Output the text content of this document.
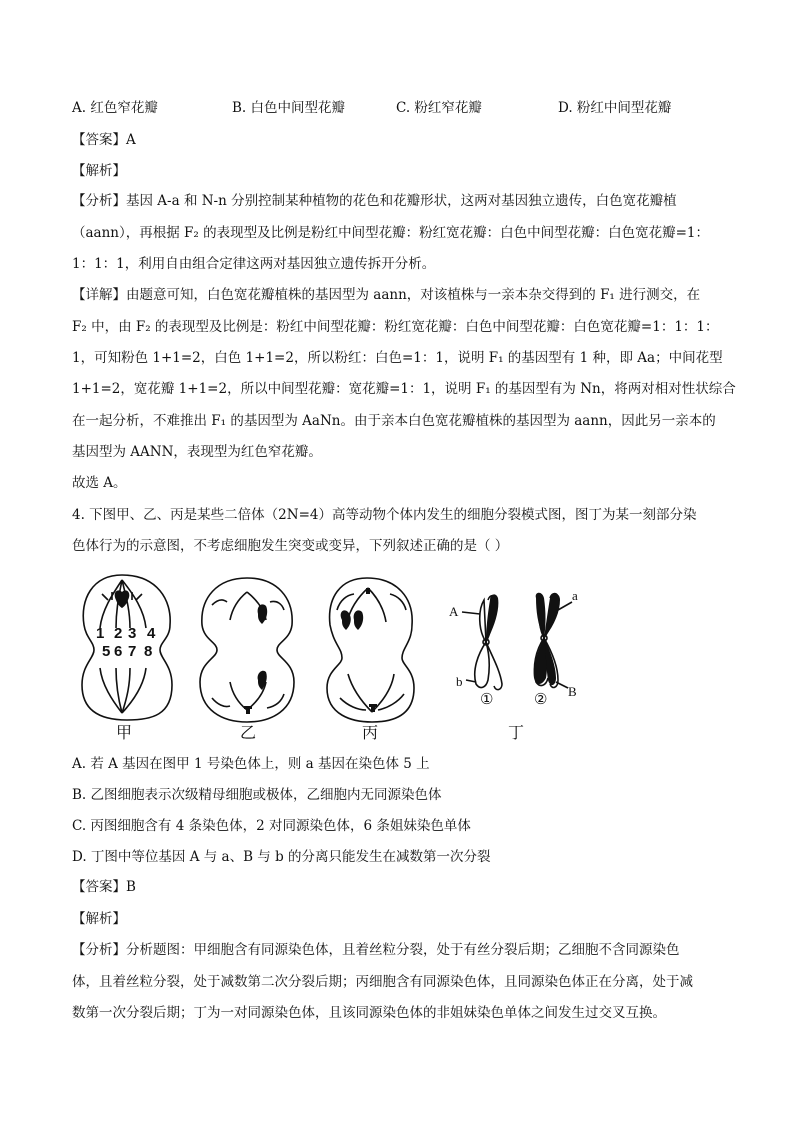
A. 红色窄花瓣	B. 白色中间型花瓣	C. 粉红窄花瓣	D. 粉红中间型花瓣
【答案】A
【解析】
【分析】基因 A-a 和 N-n 分别控制某种植物的花色和花瓣形状，这两对基因独立遗传，白色宽花瓣植
（aann），再根据 F₂ 的表现型及比例是粉红中间型花瓣：粉红宽花瓣：白色中间型花瓣：白色宽花瓣=1：
1：1：1，利用自由组合定律这两对基因独立遗传拆开分析。
【详解】由题意可知，白色宽花瓣植株的基因型为 aann，对该植株与一亲本杂交得到的 F₁ 进行测交，在
F₂ 中，由 F₂ 的表现型及比例是：粉红中间型花瓣：粉红宽花瓣：白色中间型花瓣：白色宽花瓣=1：1：1：
1，可知粉色 1+1=2，白色 1+1=2，所以粉红：白色=1：1，说明 F₁ 的基因型有 1 种，即 Aa；中间花型
1+1=2，宽花瓣 1+1=2，所以中间型花瓣：宽花瓣=1：1，说明 F₁ 的基因型有为 Nn，将两对相对性状综合
在一起分析，不难推出 F₁ 的基因型为 AaNn。由于亲本白色宽花瓣植株的基因型为 aann，因此另一亲本的
基因型为 AANN，表现型为红色窄花瓣。
故选 A。
4. 下图甲、乙、丙是某些二倍体（2N=4）高等动物个体内发生的细胞分裂模式图，图丁为某一刻部分染
色体行为的示意图，不考虑细胞发生突变或变异，下列叙述正确的是（ ）
1 2 3 4
5 6 7 8
A
a
b
B
①	②
甲	乙	丙	丁
A. 若 A 基因在图甲 1 号染色体上，则 a 基因在染色体 5 上
B. 乙图细胞表示次级精母细胞或极体，乙细胞内无同源染色体
C. 丙图细胞含有 4 条染色体，2 对同源染色体，6 条姐妹染色单体
D. 丁图中等位基因 A 与 a、B 与 b 的分离只能发生在减数第一次分裂
【答案】B
【解析】
【分析】分析题图：甲细胞含有同源染色体，且着丝粒分裂，处于有丝分裂后期；乙细胞不含同源染色
体，且着丝粒分裂，处于减数第二次分裂后期；丙细胞含有同源染色体，且同源染色体正在分离，处于减
数第一次分裂后期；丁为一对同源染色体，且该同源染色体的非姐妹染色单体之间发生过交叉互换。
